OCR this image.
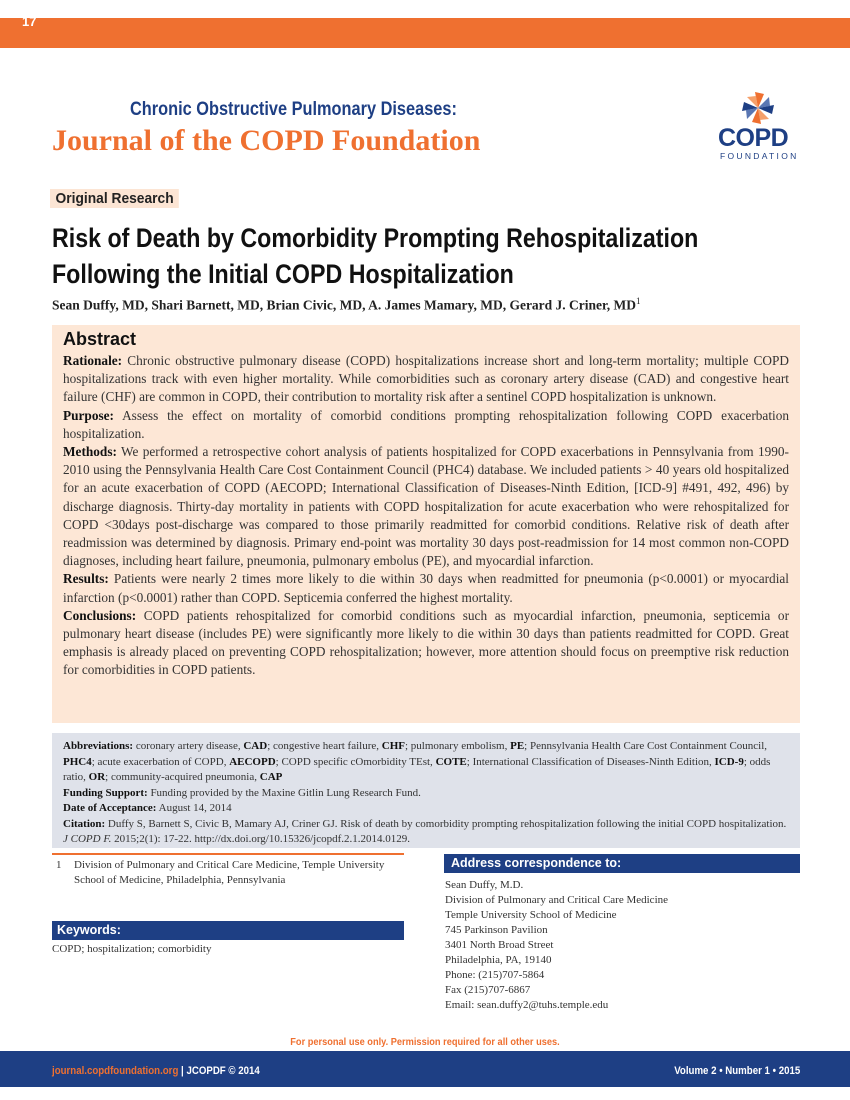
17
Chronic Obstructive Pulmonary Diseases:
Journal of the COPD Foundation	COPD
FOUNDATION
Original Research
Risk of Death by Comorbidity Prompting Rehospitalization
Following the Initial COPD Hospitalization
Sean Duffy, MD, Shari Barnett, MD, Brian Civic, MD, A. James Mamary, MD, Gerard J. Criner, $MD^1$
Abstract

Rationale: Chronic obstructive pulmonary disease (COPD) hospitalizations increase short and long-term mortality; multiple COPD hospitalizations track with even higher mortality. While comorbidities such as coronary artery disease (CAD) and congestive heart failure (CHF) are common in COPD, their contribution to mortality risk after a sentinel COPD hospitalization is unknown.

Purpose: Assess the effect on mortality of comorbid conditions prompting rehospitalization following COPD exacerbation hospitalization.

Methods: We performed a retrospective cohort analysis of patients hospitalized for COPD exacerbations in Pennsylvania from 1990-2010 using the Pennsylvania Health Care Cost Containment Council (PHC4) database. We included patients > 40 years old hospitalized for an acute exacerbation of COPD (AECOPD; International Classification of Diseases-Ninth Edition, [ICD-9] #491, 492, 496) by discharge diagnosis. Thirty-day mortality in patients with COPD hospitalization for acute exacerbation who were rehospitalized for COPD <30days post-discharge was compared to those primarily readmitted for comorbid conditions. Relative risk of death after readmission was determined by diagnosis. Primary end-point was mortality 30 days post-readmission for 14 most common non-COPD diagnoses, including heart failure, pneumonia, pulmonary embolus (PE), and myocardial infarction.

Results: Patients were nearly 2 times more likely to die within 30 days when readmitted for pneumonia (p<0.0001) or myocardial infarction (p<0.0001) rather than COPD. Septicemia conferred the highest mortality.

Conclusions: COPD patients rehospitalized for comorbid conditions such as myocardial infarction, pneumonia, septicemia or pulmonary heart disease (includes PE) were significantly more likely to die within 30 days than patients readmitted for COPD. Great emphasis is already placed on preventing COPD rehospitalization; however, more attention should focus on preemptive risk reduction for comorbidities in COPD patients.

Abbreviations: coronary artery disease, CAD; congestive heart failure, CHF; pulmonary embolism, PE; Pennsylvania Health Care Cost Containment Council, PHC4; acute exacerbation of COPD, AECOPD; COPD specific cOmorbidity TEst, COTE; International Classification of Diseases-Ninth Edition, ICD-9; odds ratio, OR; community-acquired pneumonia, CAP

Funding Support: Funding provided by the Maxine Gitlin Lung Research Fund.

Date of Acceptance: August 14, 2014

Citation: Duffy S, Barnett S, Civic B, Mamary AJ, Criner GJ. Risk of death by comorbidity prompting rehospitalization following the initial COPD hospitalization. J COPD F. 2015;2(1): 17-22. http://dx.doi.org/10.15326/jcopdf.2.1.2014.0129.

1 Division of Pulmonary and Critical Care Medicine, Temple University School of Medicine, Philadelphia, Pennsylvania
Keywords:
COPD; hospitalization; comorbidity
Address correspondence to:
Sean Duffy, M.D.
Division of Pulmonary and Critical Care Medicine
Temple University School of Medicine
745 Parkinson Pavilion
3401 North Broad Street
Philadelphia, PA, 19140
Phone: (215)707-5864
Fax (215)707-6867
Email: sean.duffy2@tuhs.temple.edu
For personal use only. Permission required for all other uses.
journal.copdfoundation.org | JCOPDF © 2014	Volume 2 • Number 1 • 2015
